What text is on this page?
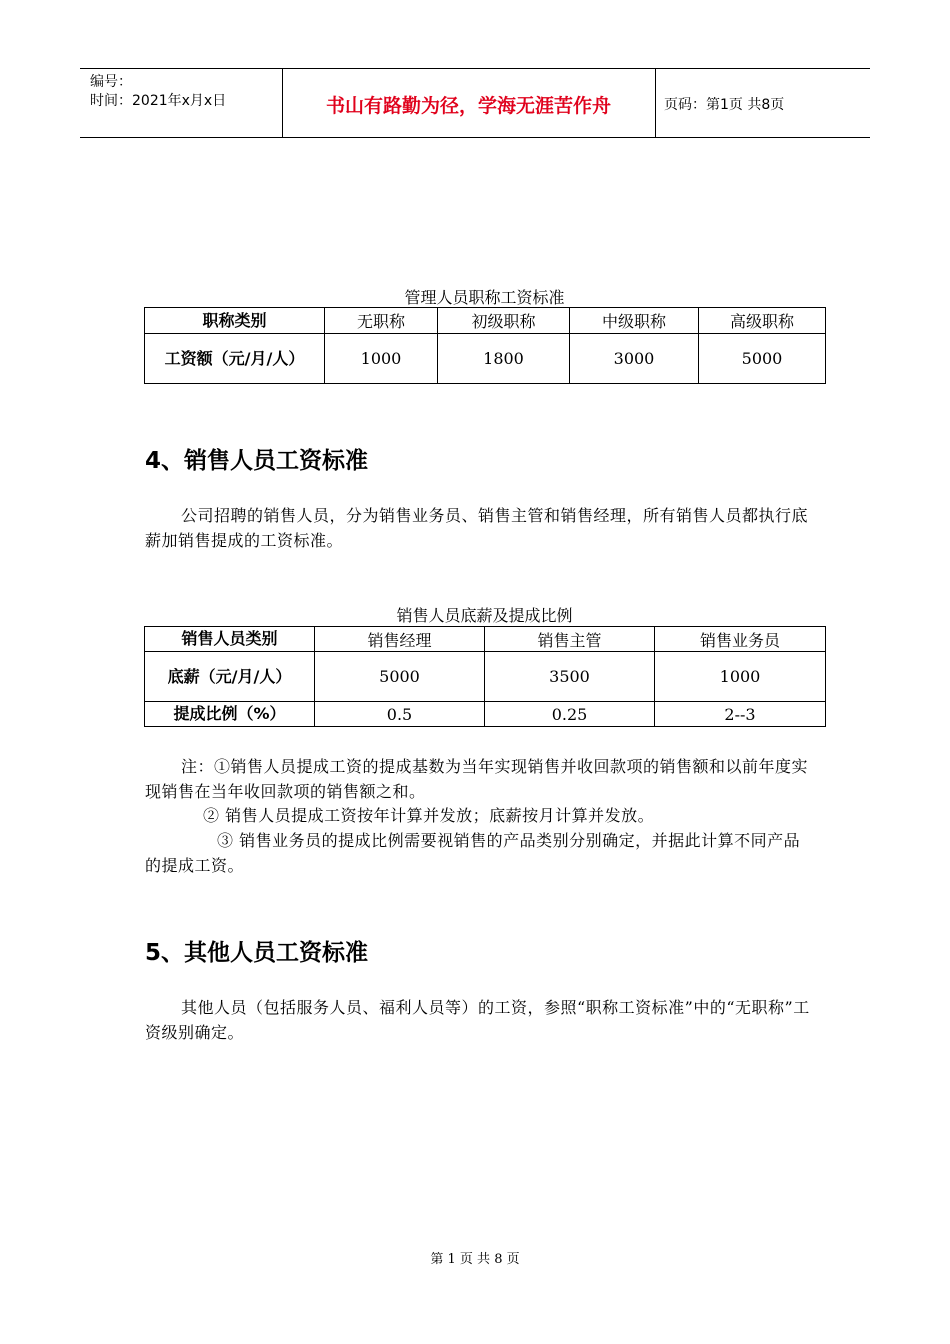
编号：
时间：2021年x月x日	书山有路勤为径，学海无涯苦作舟	页码：第1页 共8页
管理人员职称工资标准
职称类别	无职称	初级职称	中级职称	高级职称
工资额（元/月/人）	1000	1800	3000	5000
4、销售人员工资标准
公司招聘的销售人员，分为销售业务员、销售主管和销售经理，所有销售人员都执行底薪加销售提成的工资标准。
销售人员底薪及提成比例
销售人员类别	销售经理	销售主管	销售业务员
底薪（元/月/人）	5000	3500	1000
提成比例（%）	0.5	0.25	2--3
注：①销售人员提成工资的提成基数为当年实现销售并收回款项的销售额和以前年度实现销售在当年收回款项的销售额之和。
② 销售人员提成工资按年计算并发放；底薪按月计算并发放。
③ 销售业务员的提成比例需要视销售的产品类别分别确定，并据此计算不同产品的提成工资。
5、其他人员工资标准
其他人员（包括服务人员、福利人员等）的工资，参照“职称工资标准”中的“无职称”工资级别确定。
第 1 页 共 8 页
